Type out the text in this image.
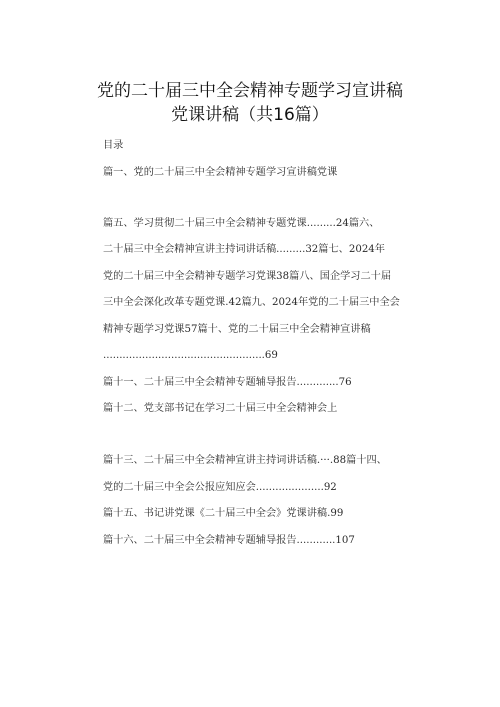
党的二十届三中全会精神专题学习宣讲稿
党课讲稿（共16篇）
目录
篇一、党的二十届三中全会精神专题学习宣讲稿党课
篇五、学习贯彻二十届三中全会精神专题党课.........24篇六、
二十届三中全会精神宣讲主持词讲话稿.........32篇七、2024年
党的二十届三中全会精神专题学习党课38篇八、国企学习二十届
三中全会深化改革专题党课.42篇九、2024年党的二十届三中全会
精神专题学习党课57篇十、党的二十届三中全会精神宣讲稿
..................................................69
篇十一、二十届三中全会精神专题辅导报告.............76
篇十二、党支部书记在学习二十届三中全会精神会上
篇十三、二十届三中全会精神宣讲主持词讲话稿.···.88篇十四、
党的二十届三中全会公报应知应会.....................92
篇十五、书记讲党课《二十届三中全会》党课讲稿.99
篇十六、二十届三中全会精神专题辅导报告............107
